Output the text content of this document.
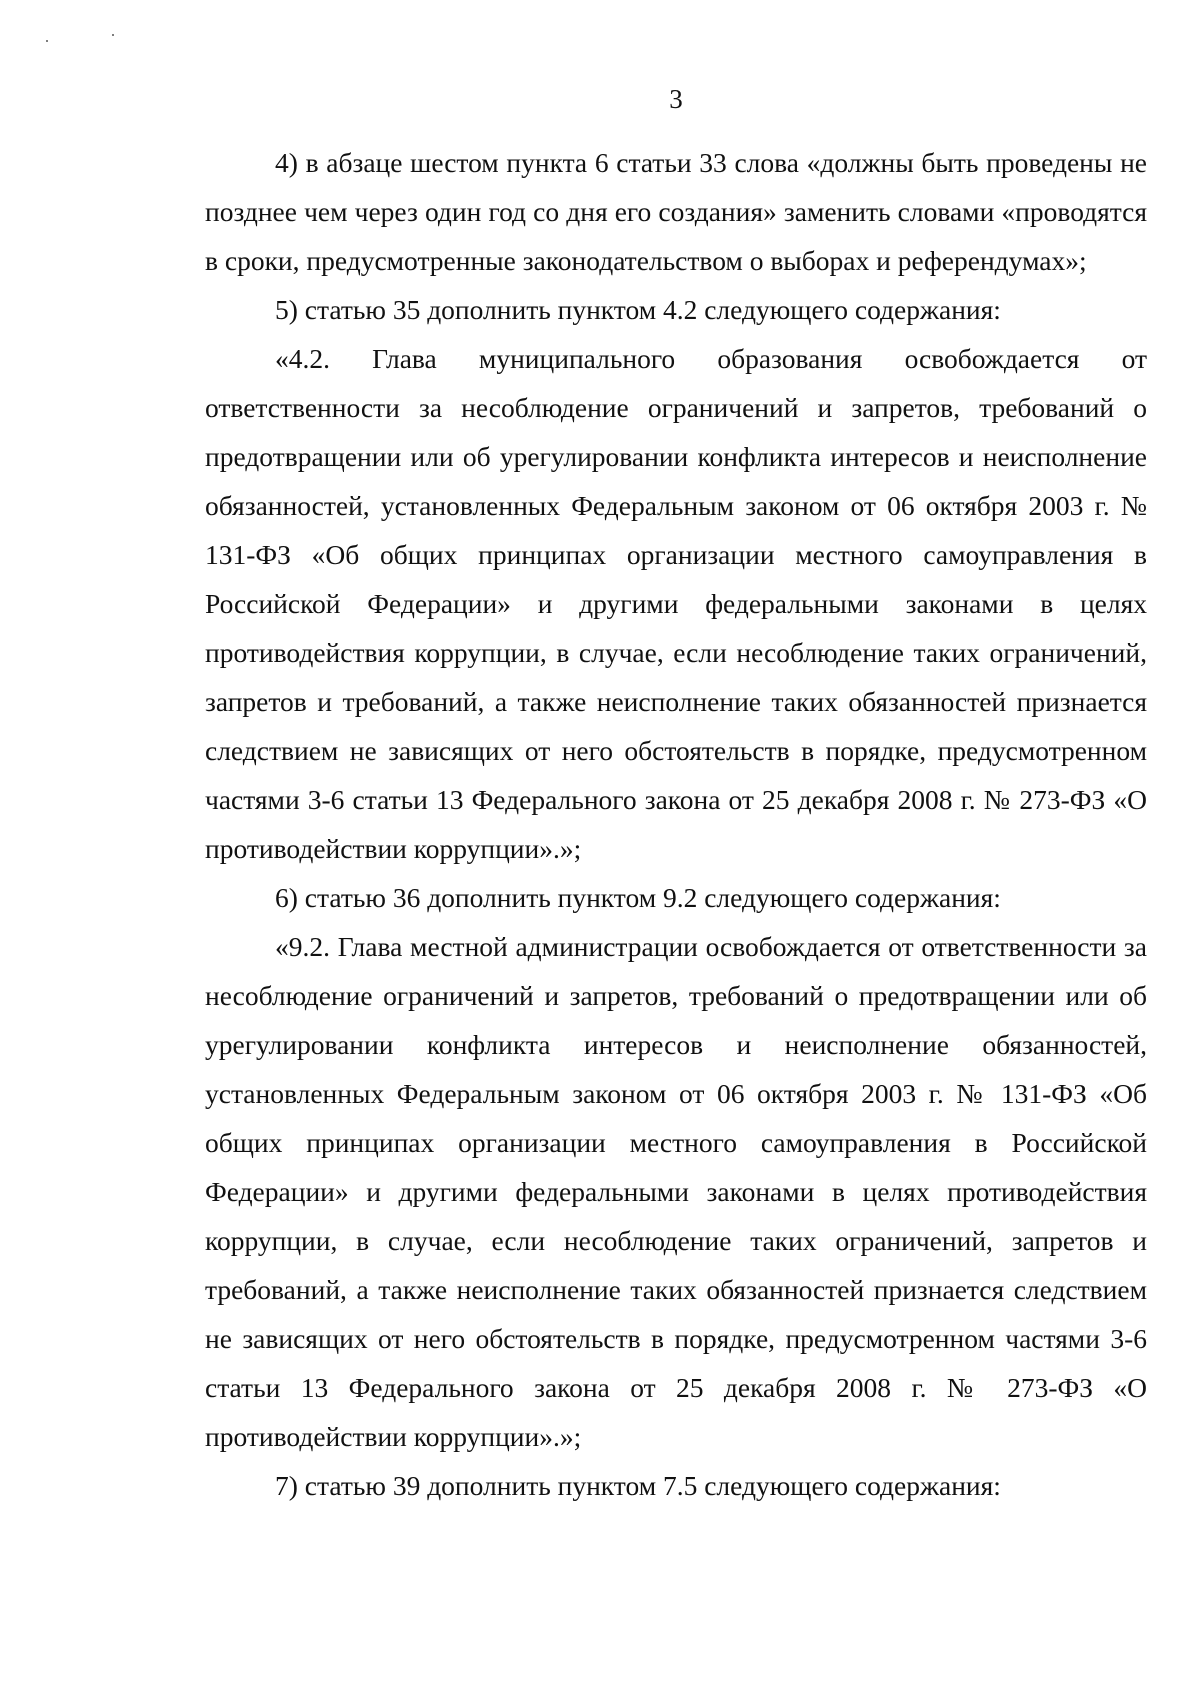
3

4) в абзаце шестом пункта 6 статьи 33 слова «должны быть проведены не позднее чем через один год со дня его создания» заменить словами «проводятся в сроки, предусмотренные законодательством о выборах и референдумах»;

5) статью 35 дополнить пунктом 4.2 следующего содержания:

«4.2. Глава муниципального образования освобождается от ответственности за несоблюдение ограничений и запретов, требований о предотвращении или об урегулировании конфликта интересов и неисполнение обязанностей, установленных Федеральным законом от 06 октября 2003 г. № 131-ФЗ «Об общих принципах организации местного самоуправления в Российской Федерации» и другими федеральными законами в целях противодействия коррупции, в случае, если несоблюдение таких ограничений, запретов и требований, а также неисполнение таких обязанностей признается следствием не зависящих от него обстоятельств в порядке, предусмотренном частями 3-6 статьи 13 Федерального закона от 25 декабря 2008 г. № 273-ФЗ «О противодействии коррупции».»;

6) статью 36 дополнить пунктом 9.2 следующего содержания:

«9.2. Глава местной администрации освобождается от ответственности за несоблюдение ограничений и запретов, требований о предотвращении или об урегулировании конфликта интересов и неисполнение обязанностей, установленных Федеральным законом от 06 октября 2003 г. № 131-ФЗ «Об общих принципах организации местного самоуправления в Российской Федерации» и другими федеральными законами в целях противодействия коррупции, в случае, если несоблюдение таких ограничений, запретов и требований, а также неисполнение таких обязанностей признается следствием не зависящих от него обстоятельств в порядке, предусмотренном частями 3-6 статьи 13 Федерального закона от 25 декабря 2008 г. № 273-ФЗ «О противодействии коррупции».»;

7) статью 39 дополнить пунктом 7.5 следующего содержания:
